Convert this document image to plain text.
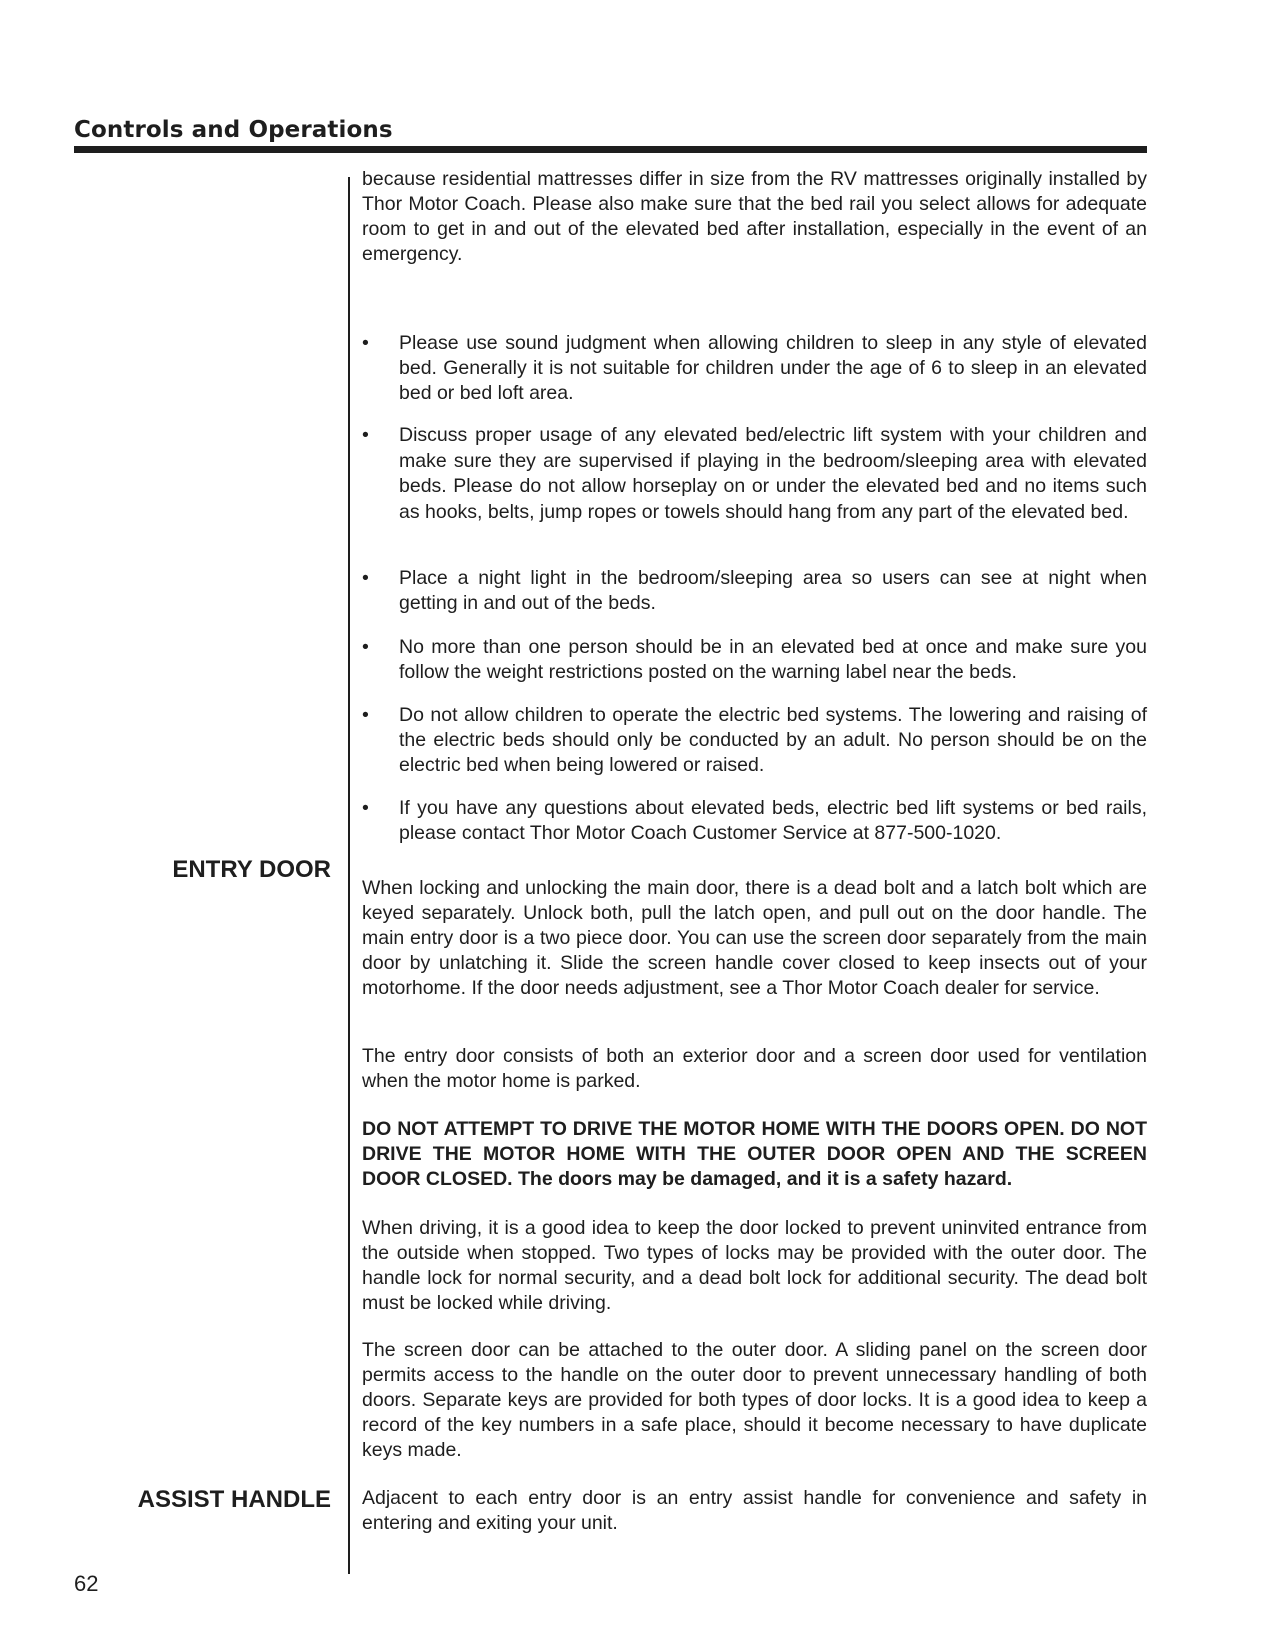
Controls and Operations

because residential mattresses differ in size from the RV mattresses originally installed by Thor Motor Coach. Please also make sure that the bed rail you select allows for adequate room to get in and out of the elevated bed after installation, especially in the event of an emergency.

• Please use sound judgment when allowing children to sleep in any style of elevated bed. Generally it is not suitable for children under the age of 6 to sleep in an elevated bed or bed loft area.

• Discuss proper usage of any elevated bed/electric lift system with your children and make sure they are supervised if playing in the bedroom/sleeping area with elevated beds. Please do not allow horseplay on or under the elevated bed and no items such as hooks, belts, jump ropes or towels should hang from any part of the elevated bed.

• Place a night light in the bedroom/sleeping area so users can see at night when getting in and out of the beds.

• No more than one person should be in an elevated bed at once and make sure you follow the weight restrictions posted on the warning label near the beds.

• Do not allow children to operate the electric bed systems. The lowering and raising of the electric beds should only be conducted by an adult. No person should be on the electric bed when being lowered or raised.

• If you have any questions about elevated beds, electric bed lift systems or bed rails, please contact Thor Motor Coach Customer Service at 877-500-1020.

ENTRY DOOR

When locking and unlocking the main door, there is a dead bolt and a latch bolt which are keyed separately. Unlock both, pull the latch open, and pull out on the door handle. The main entry door is a two piece door. You can use the screen door separately from the main door by unlatching it. Slide the screen handle cover closed to keep insects out of your motorhome. If the door needs adjustment, see a Thor Motor Coach dealer for service.

The entry door consists of both an exterior door and a screen door used for ventilation when the motor home is parked.

DO NOT ATTEMPT TO DRIVE THE MOTOR HOME WITH THE DOORS OPEN. DO NOT DRIVE THE MOTOR HOME WITH THE OUTER DOOR OPEN AND THE SCREEN DOOR CLOSED. The doors may be damaged, and it is a safety hazard.

When driving, it is a good idea to keep the door locked to prevent uninvited entrance from the outside when stopped. Two types of locks may be provided with the outer door. The handle lock for normal security, and a dead bolt lock for additional security. The dead bolt must be locked while driving.

The screen door can be attached to the outer door. A sliding panel on the screen door permits access to the handle on the outer door to prevent unnecessary handling of both doors. Separate keys are provided for both types of door locks. It is a good idea to keep a record of the key numbers in a safe place, should it become necessary to have duplicate keys made.

ASSIST HANDLE Adjacent to each entry door is an entry assist handle for convenience and safety in entering and exiting your unit.

62
